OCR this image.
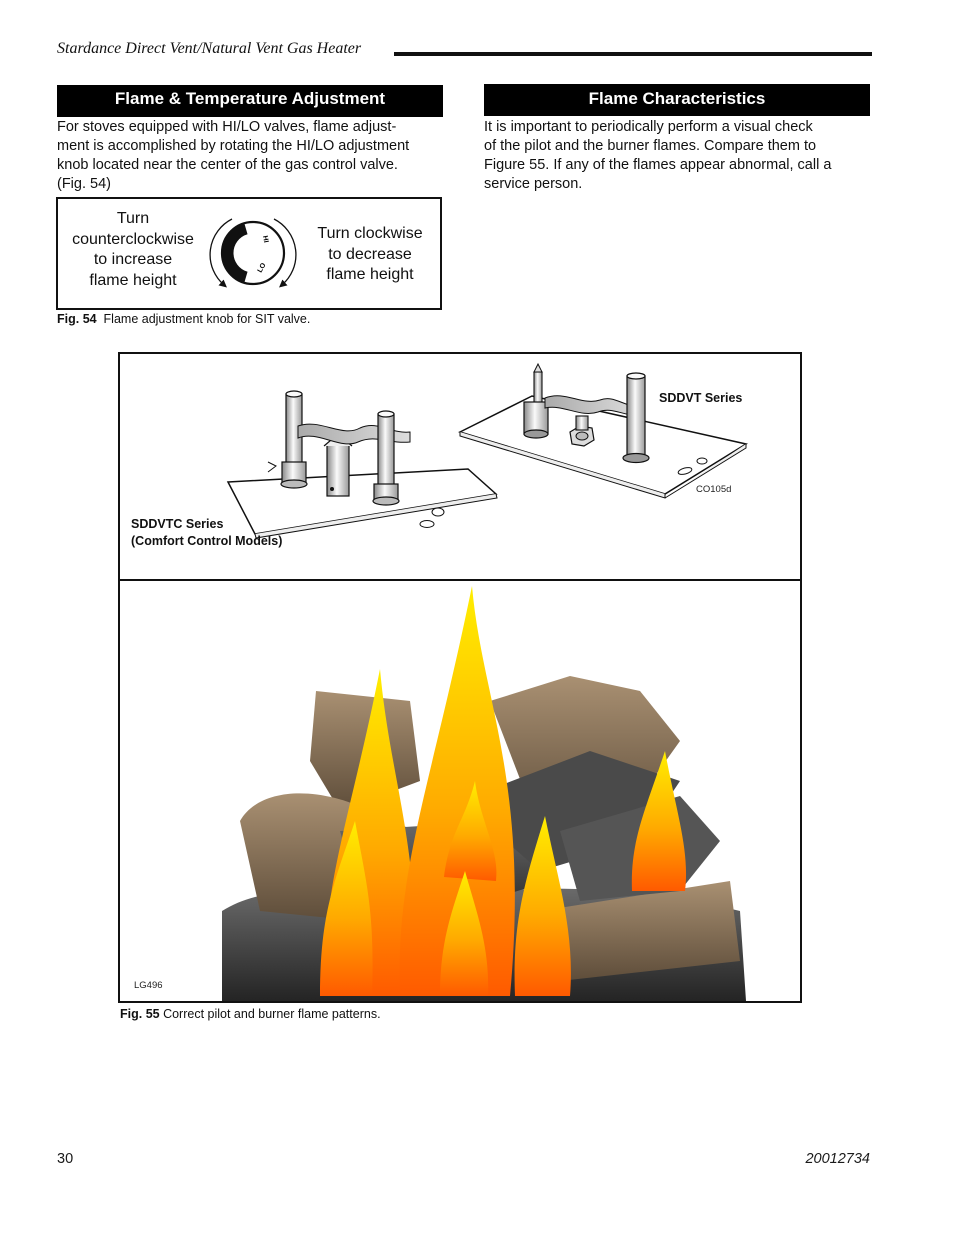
Stardance Direct Vent/Natural Vent Gas Heater
Flame & Temperature Adjustment	Flame Characteristics
For stoves equipped with HI/LO valves, flame adjust-
ment is accomplished by rotating the HI/LO adjustment
knob located near the center of the gas control valve.
(Fig. 54)
It is important to periodically perform a visual check
of the pilot and the burner flames. Compare them to
Figure 55. If any of the flames appear abnormal, call a
service person.
Turn
counterclockwise
to increase
flame height
HI
LO
Turn clockwise
to decrease
flame height
Fig. 54 Flame adjustment knob for SIT valve.
SDDVT Series
SDDVTC Series
(Comfort Control Models)
CO105d
LG496
Fig. 55 Correct pilot and burner flame patterns.
30	20012734
